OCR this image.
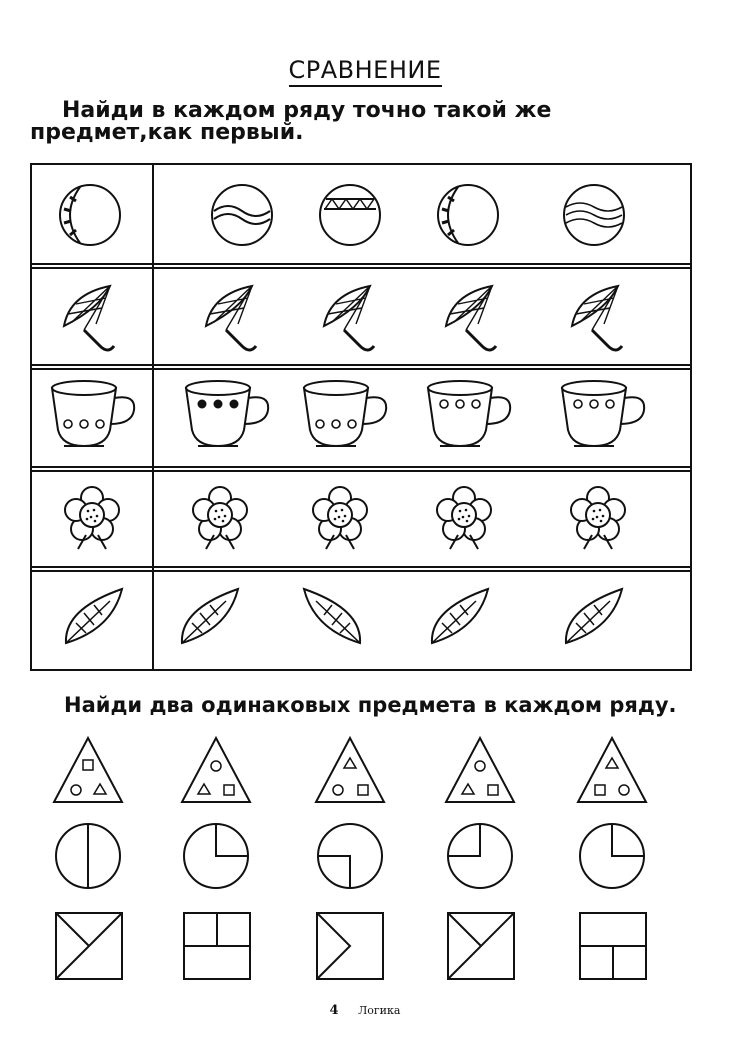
СРАВНЕНИЕ
Найди в каждом ряду точно такой же предмет,как первый.
Найди два одинаковых предмета в каждом ряду.
4 Логика
